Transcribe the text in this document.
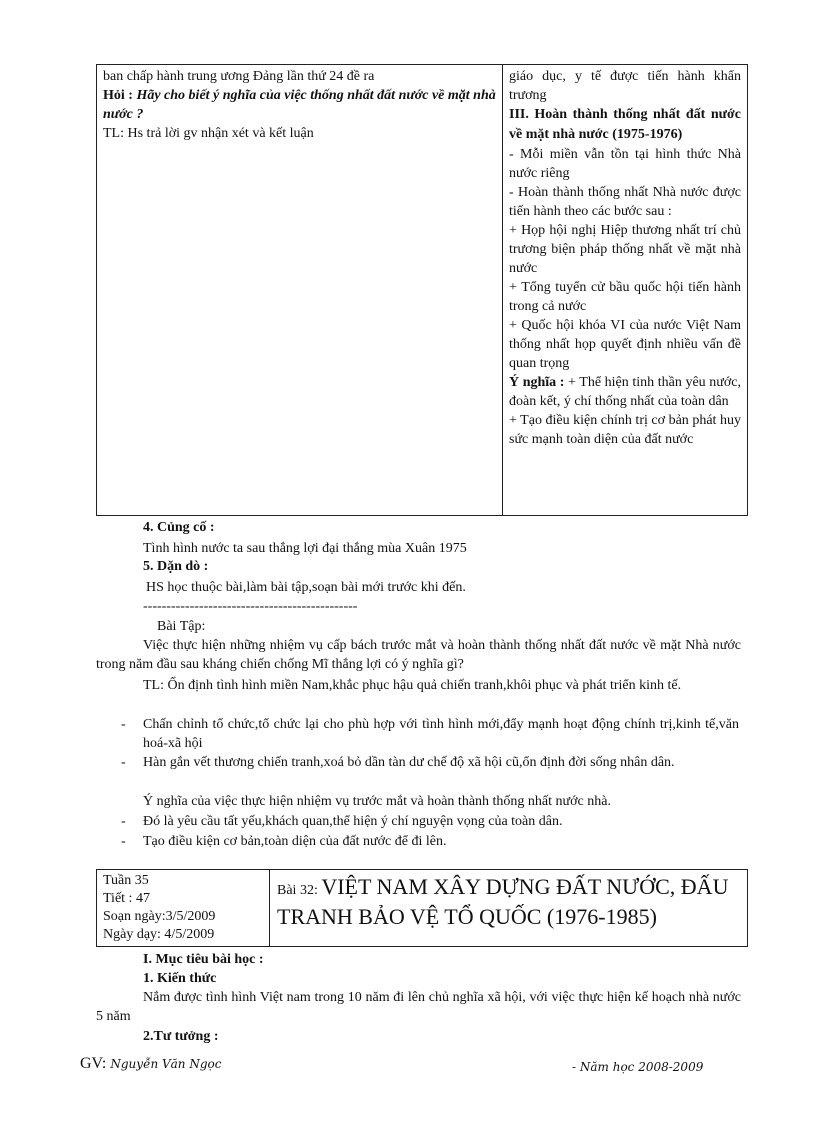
ban chấp hành trung ương Đảng lần thứ 24 đề ra

Hỏi : Hãy cho biết ý nghĩa của việc thống nhất đất nước về mặt nhà nước ?

TL: Hs trả lời gv nhận xét và kết luận

giáo dục, y tế được tiến hành khẩn trương

III. Hoàn thành thống nhất đất nước về mặt nhà nước (1975-1976)

- Mỗi miền vẫn tồn tại hình thức Nhà nước riêng

- Hoàn thành thống nhất Nhà nước được tiến hành theo các bước sau :

+ Họp hội nghị Hiệp thương nhất trí chủ trương biện pháp thống nhất về mặt nhà nước

+ Tổng tuyển cử bầu quốc hội tiến hành trong cả nước

+ Quốc hội khóa VI của nước Việt Nam thống nhất họp quyết định nhiều vấn đề quan trọng

Ý nghĩa : + Thể hiện tinh thần yêu nước, đoàn kết, ý chí thống nhất của toàn dân

+ Tạo điều kiện chính trị cơ bản phát huy sức mạnh toàn diện của đất nước

4. Củng cố :
Tình hình nước ta sau thắng lợi đại thắng mùa Xuân 1975
5. Dặn dò :
HS học thuộc bài,làm bài tập,soạn bài mới trước khi đến.
----------------------------------------------
Bài Tập:
Việc thực hiện những nhiệm vụ cấp bách trước mắt và hoàn thành thống nhất đất nước về mặt Nhà nước trong năm đầu sau kháng chiến chống Mĩ thắng lợi có ý nghĩa gì?
TL: Ổn định tình hình miền Nam,khắc phục hậu quả chiến tranh,khôi phục và phát triển kinh tế.
- Chấn chỉnh tổ chức,tổ chức lại cho phù hợp với tình hình mới,đẩy mạnh hoạt động chính trị,kinh tế,văn hoá-xã hội
- Hàn gắn vết thương chiến tranh,xoá bỏ dần tàn dư chế độ xã hội cũ,ổn định đời sống nhân dân.
Ý nghĩa của việc thực hiện nhiệm vụ trước mắt và hoàn thành thống nhất nước nhà.
- Đó là yêu cầu tất yếu,khách quan,thể hiện ý chí nguyện vọng của toàn dân.
- Tạo điều kiện cơ bản,toàn diện của đất nước để đi lên.
Tuần 35
Tiết : 47
Soạn ngày:3/5/2009
Ngày dạy: 4/5/2009
Bài 32: VIỆT NAM XÂY DỰNG ĐẤT NƯỚC, ĐẤU TRANH BẢO VỆ TỔ QUỐC (1976-1985)
I. Mục tiêu bài học :
1. Kiến thức
Nắm được tình hình Việt nam trong 10 năm đi lên chủ nghĩa xã hội, với việc thực hiện kế hoạch nhà nước 5 năm
2.Tư tưởng :
GV: Nguyễn Văn Ngọc	- Năm học 2008-2009
